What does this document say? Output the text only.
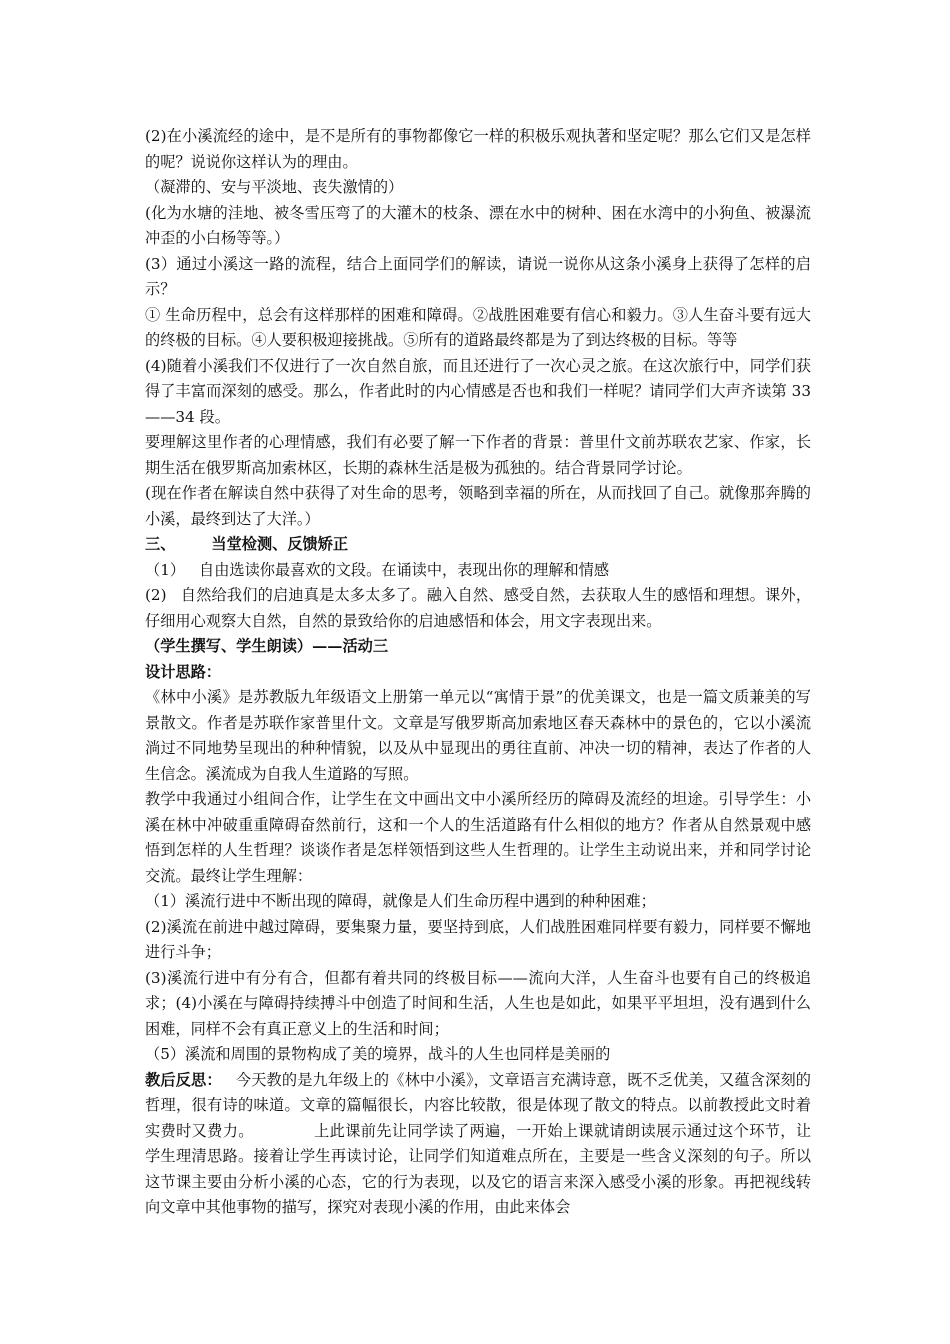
(2)在小溪流经的途中，是不是所有的事物都像它一样的积极乐观执著和坚定呢？那么它们又是怎样的呢？说说你这样认为的理由。

（凝滞的、安与平淡地、丧失激情的）

(化为水塘的洼地、被冬雪压弯了的大灌木的枝条、漂在水中的树种、困在水湾中的小狗鱼、被瀑流冲歪的小白杨等等。）

(3）通过小溪这一路的流程，结合上面同学们的解读，请说一说你从这条小溪身上获得了怎样的启示？

① 生命历程中，总会有这样那样的困难和障碍。②战胜困难要有信心和毅力。③人生奋斗要有远大的终极的目标。④人要积极迎接挑战。⑤所有的道路最终都是为了到达终极的目标。等等

(4)随着小溪我们不仅进行了一次自然自旅，而且还进行了一次心灵之旅。在这次旅行中，同学们获得了丰富而深刻的感受。那么，作者此时的内心情感是否也和我们一样呢？请同学们大声齐读第 33——34 段。

要理解这里作者的心理情感，我们有必要了解一下作者的背景：普里什文前苏联农艺家、作家，长期生活在俄罗斯高加索林区，长期的森林生活是极为孤独的。结合背景同学讨论。

(现在作者在解读自然中获得了对生命的思考，领略到幸福的所在，从而找回了自己。就像那奔腾的小溪，最终到达了大洋。）

三、 当堂检测、反馈矫正

（1） 自由选读你最喜欢的文段。在诵读中，表现出你的理解和情感

(2) 自然给我们的启迪真是太多太多了。融入自然、感受自然，去获取人生的感悟和理想。课外，仔细用心观察大自然，自然的景致给你的启迪感悟和体会，用文字表现出来。

（学生撰写、学生朗读）——活动三

设计思路：

《林中小溪》是苏教版九年级语文上册第一单元以“寓情于景”的优美课文，也是一篇文质兼美的写景散文。作者是苏联作家普里什文。文章是写俄罗斯高加索地区春天森林中的景色的，它以小溪流淌过不同地势呈现出的种种情貌，以及从中显现出的勇往直前、冲决一切的精神，表达了作者的人生信念。溪流成为自我人生道路的写照。

教学中我通过小组间合作，让学生在文中画出文中小溪所经历的障碍及流经的坦途。引导学生：小溪在林中冲破重重障碍奋然前行，这和一个人的生活道路有什么相似的地方？作者从自然景观中感悟到怎样的人生哲理？谈谈作者是怎样领悟到这些人生哲理的。让学生主动说出来，并和同学讨论交流。最终让学生理解：

（1）溪流行进中不断出现的障碍，就像是人们生命历程中遇到的种种困难；

(2)溪流在前进中越过障碍，要集聚力量，要坚持到底，人们战胜困难同样要有毅力，同样要不懈地进行斗争；

(3)溪流行进中有分有合，但都有着共同的终极目标——流向大洋，人生奋斗也要有自己的终极追求；(4)小溪在与障碍持续搏斗中创造了时间和生活，人生也是如此，如果平平坦坦，没有遇到什么困难，同样不会有真正意义上的生活和时间；

（5）溪流和周围的景物构成了美的境界，战斗的人生也同样是美丽的

教后反思： 今天教的是九年级上的《林中小溪》，文章语言充满诗意，既不乏优美，又蕴含深刻的哲理，很有诗的味道。文章的篇幅很长，内容比较散，很是体现了散文的特点。以前教授此文时着实费时又费力。	上此课前先让同学读了两遍，一开始上课就请朗读展示通过这个环节，让学生理清思路。接着让学生再读讨论，让同学们知道难点所在，主要是一些含义深刻的句子。所以这节课主要由分析小溪的心态，它的行为表现，以及它的语言来深入感受小溪的形象。再把视线转向文章中其他事物的描写，探究对表现小溪的作用，由此来体会
